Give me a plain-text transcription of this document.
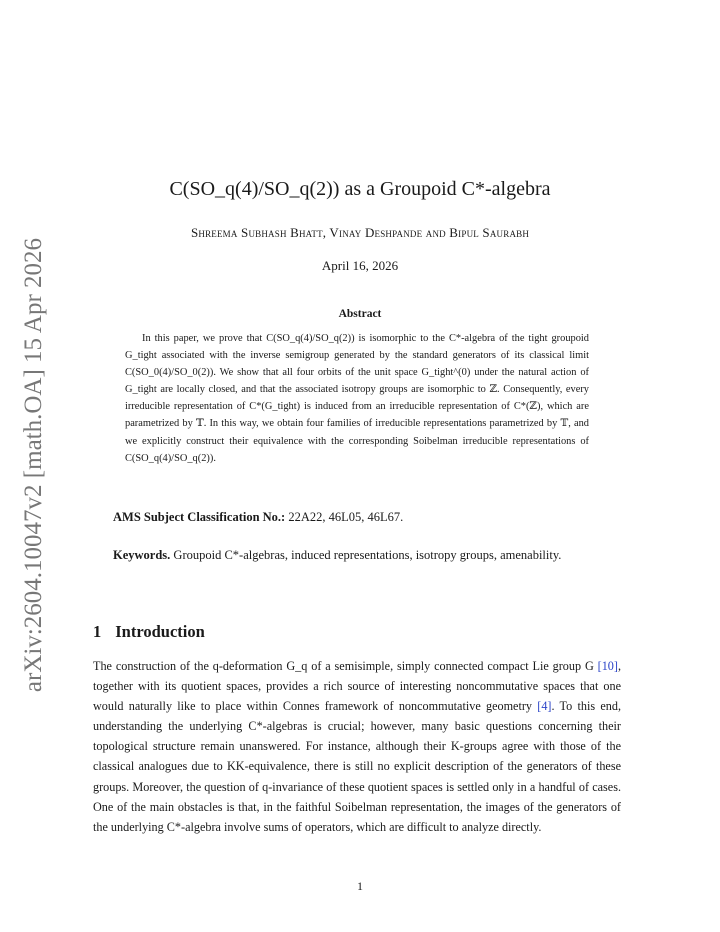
arXiv:2604.10047v2 [math.OA] 15 Apr 2026
C(SO_q(4)/SO_q(2)) as a Groupoid C*-algebra
Shreema Subhash Bhatt, Vinay Deshpande and Bipul Saurabh
April 16, 2026
Abstract
In this paper, we prove that C(SO_q(4)/SO_q(2)) is isomorphic to the C*-algebra of the tight groupoid G_tight associated with the inverse semigroup generated by the standard generators of its classical limit C(SO_0(4)/SO_0(2)). We show that all four orbits of the unit space G_tight^(0) under the natural action of G_tight are locally closed, and that the associated isotropy groups are isomorphic to ℤ. Consequently, every irreducible representation of C*(G_tight) is induced from an irreducible representation of C*(ℤ), which are parametrized by 𝕋. In this way, we obtain four families of irreducible representations parametrized by 𝕋, and we explicitly construct their equivalence with the corresponding Soibelman irreducible representations of C(SO_q(4)/SO_q(2)).
AMS Subject Classification No.: 22A22, 46L05, 46L67.
Keywords. Groupoid C*-algebras, induced representations, isotropy groups, amenability.
1 Introduction
The construction of the q-deformation G_q of a semisimple, simply connected compact Lie group G [10], together with its quotient spaces, provides a rich source of interesting noncommutative spaces that one would naturally like to place within Connes framework of noncommutative geometry [4]. To this end, understanding the underlying C*-algebras is crucial; however, many basic questions concerning their topological structure remain unanswered. For instance, although their K-groups agree with those of the classical analogues due to KK-equivalence, there is still no explicit description of the generators of these groups. Moreover, the question of q-invariance of these quotient spaces is settled only in a handful of cases. One of the main obstacles is that, in the faithful Soibelman representation, the images of the generators of the underlying C*-algebra involve sums of operators, which are difficult to analyze directly.
1
